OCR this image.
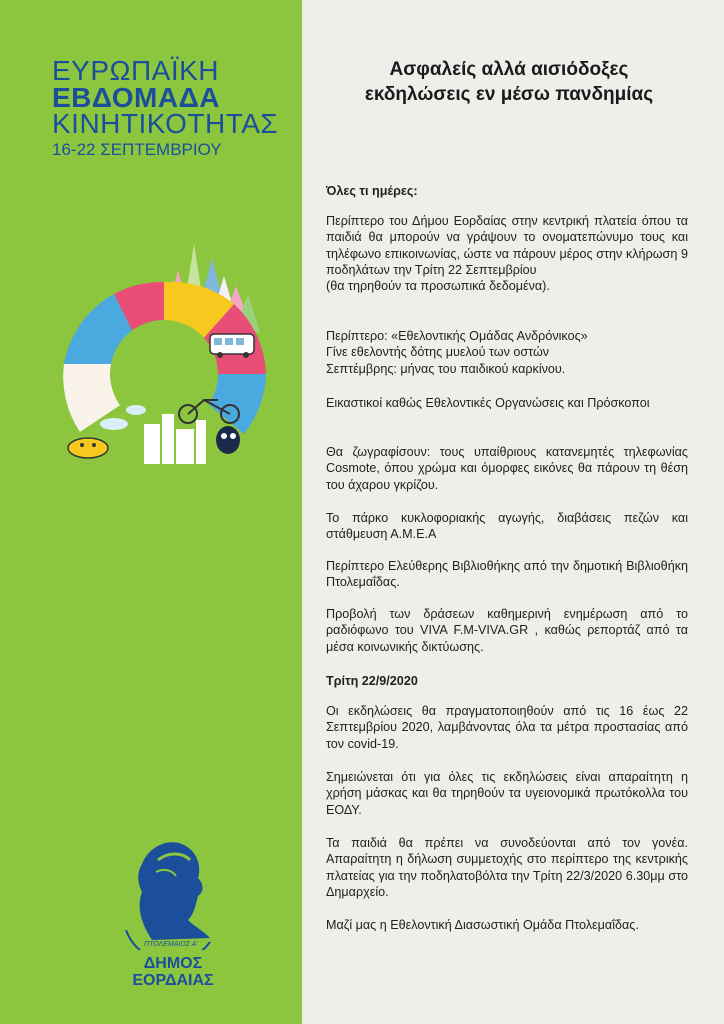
ΕΥΡΩΠΑΪΚΗ
ΕΒΔΟΜΑΔΑ
ΚΙΝΗΤΙΚΟΤΗΤΑΣ
16-22 ΣΕΠΤΕΜΒΡΙΟΥ
ΠΤΟΛΕΜΑΙΟΣ Α'
ΔΗΜΟΣ
ΕΟΡΔΑΙΑΣ
Ασφαλείς αλλά αισιόδοξες
εκδηλώσεις εν μέσω πανδημίας
Όλες τι ημέρες:
Περίπτερο του Δήμου Εορδαίας στην κεντρική πλατεία όπου τα παιδιά θα μπορούν να γράψουν το ονοματεπώνυμο τους και τηλέφωνο επικοινωνίας, ώστε να πάρουν μέρος στην κλήρωση 9 ποδηλάτων την Τρίτη 22 Σεπτεμβρίου
(θα τηρηθούν τα προσωπικά δεδομένα).
Περίπτερο: «Εθελοντικής Ομάδας Ανδρόνικος»
Γίνε εθελοντής δότης μυελού των οστών
Σεπτέμβρης: μήνας του παιδικού καρκίνου.
Εικαστικοί καθώς Εθελοντικές Οργανώσεις και Πρόσκοποι
Θα ζωγραφίσουν: τους υπαίθριους κατανεμητές τηλεφωνίας Cosmote, όπου χρώμα και όμορφες εικόνες θα πάρουν τη θέση του άχαρου γκρίζου.
Το πάρκο κυκλοφοριακής αγωγής, διαβάσεις πεζών και στάθμευση Α.Μ.Ε.Α
Περίπτερο Ελεύθερης Βιβλιοθήκης από την δημοτική Βιβλιοθήκη Πτολεμαΐδας.
Προβολή των δράσεων καθημερινή ενημέρωση από το ραδιόφωνο του VIVA F.M-VIVA.GR , καθώς ρεπορτάζ από τα μέσα κοινωνικής δικτύωσης.
Τρίτη 22/9/2020
Οι εκδηλώσεις θα πραγματοποιηθούν από τις 16 έως 22 Σεπτεμβρίου 2020, λαμβάνοντας όλα τα μέτρα προστασίας από τον covid-19.
Σημειώνεται ότι για όλες τις εκδηλώσεις είναι απαραίτητη η χρήση μάσκας και θα τηρηθούν τα υγειονομικά πρωτόκολλα του ΕΟΔΥ.
Τα παιδιά θα πρέπει να συνοδεύονται από τον γονέα. Απαραίτητη η δήλωση συμμετοχής στο περίπτερο της κεντρικής πλατείας για την ποδηλατοβόλτα την Τρίτη 22/3/2020 6.30μμ στο Δημαρχείο.
Μαζί μας η Εθελοντική Διασωστική Ομάδα Πτολεμαΐδας.
